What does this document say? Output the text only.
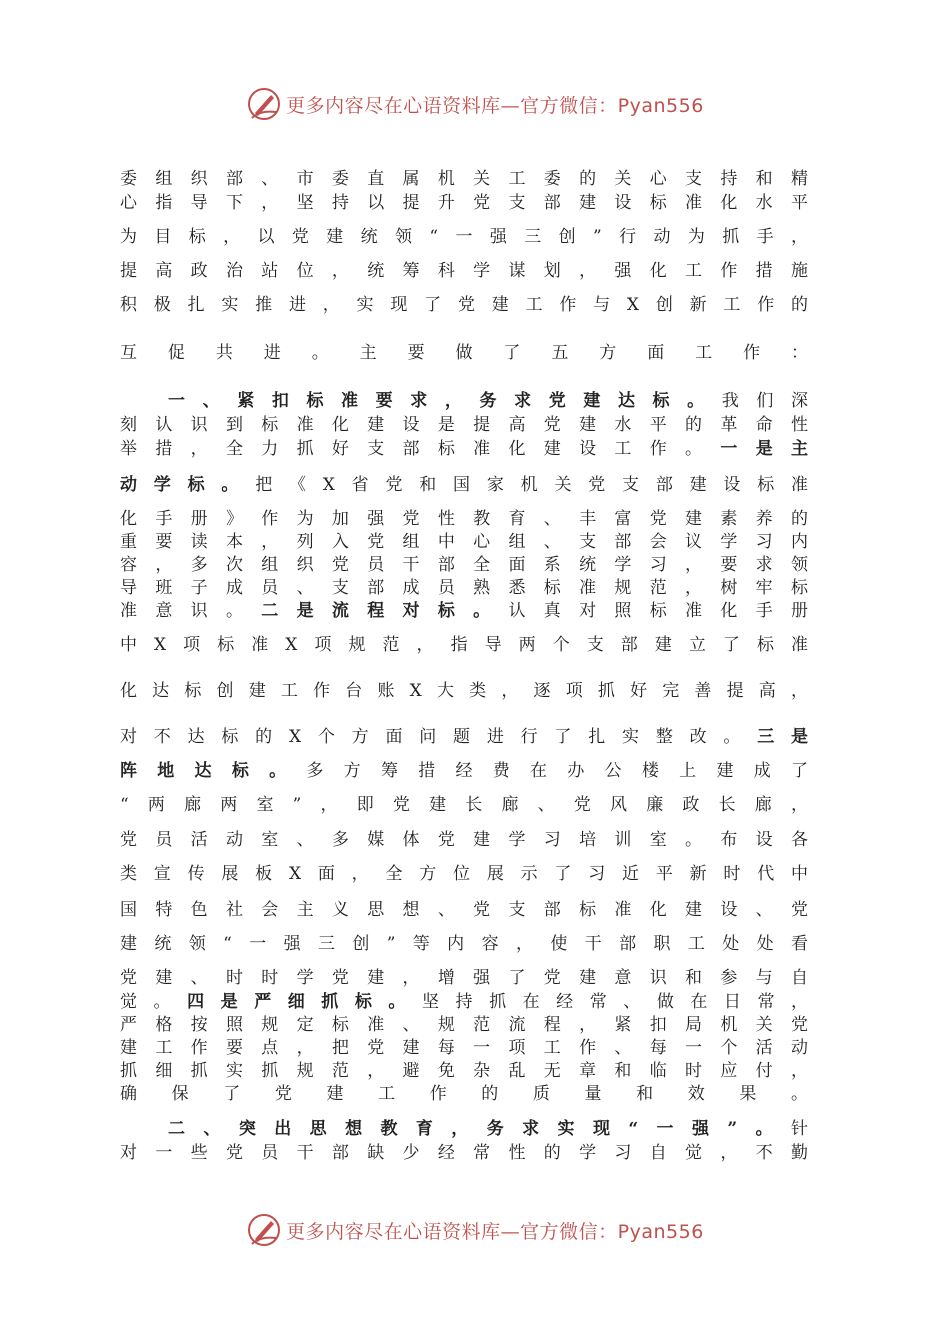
更多内容尽在心语资料库—官方微信：Pyan556
委组织部、市委直属机关工委的关心支持和精
心指导下，坚持以提升党支部建设标准化水平
为目标，以党建统领“一强三创”行动为抓手，
提高政治站位，统筹科学谋划，强化工作措施
积极扎实推进，实现了党建工作与X创新工作的
互促共进。主要做了五方面工作：
一、紧扣标准要求，务求党建达标。我们深
刻认识到标准化建设是提高党建水平的革命性
举措，全力抓好支部标准化建设工作。一是主
动学标。把《X省党和国家机关党支部建设标准
化手册》作为加强党性教育、丰富党建素养的
重要读本，列入党组中心组、支部会议学习内
容，多次组织党员干部全面系统学习，要求领
导班子成员、支部成员熟悉标准规范，树牢标
准意识。二是流程对标。认真对照标准化手册
中X项标准X项规范，指导两个支部建立了标准
化达标创建工作台账X大类，逐项抓好完善提高，
对不达标的X个方面问题进行了扎实整改。三是
阵地达标。多方筹措经费在办公楼上建成了
“两廊两室”，即党建长廊、党风廉政长廊，
党员活动室、多媒体党建学习培训室。布设各
类宣传展板X面，全方位展示了习近平新时代中
国特色社会主义思想、党支部标准化建设、党
建统领“一强三创”等内容，使干部职工处处看
党建、时时学党建，增强了党建意识和参与自
觉。四是严细抓标。坚持抓在经常、做在日常，
严格按照规定标准、规范流程，紧扣局机关党
建工作要点，把党建每一项工作、每一个活动
抓细抓实抓规范，避免杂乱无章和临时应付，
确保了党建工作的质量和效果。
二、突出思想教育，务求实现“一强”。针
对一些党员干部缺少经常性的学习自觉，不勤
更多内容尽在心语资料库—官方微信：Pyan556
